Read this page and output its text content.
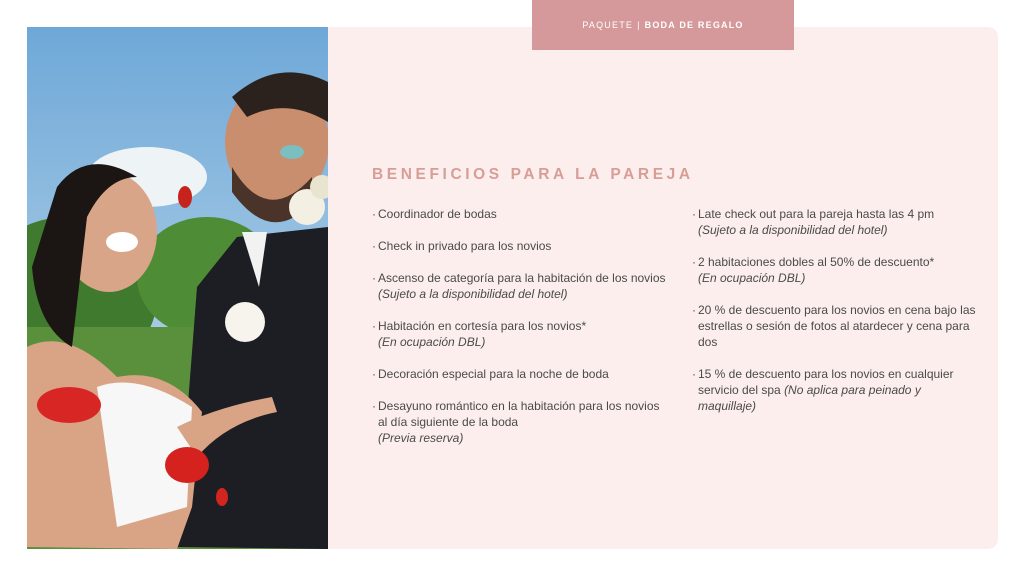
PAQUETE | BODA DE REGALO
BENEFICIOS PARA LA PAREJA
· Coordinador de bodas
· Check in privado para los novios
· Ascenso de categoría para la habitación de los novios (Sujeto a la disponibilidad del hotel)
· Habitación en cortesía para los novios*
(En ocupación DBL)
· Decoración especial para la noche de boda
· Desayuno romántico en la habitación para los novios al día siguiente de la boda
(Previa reserva)
· Late check out para la pareja hasta las 4 pm
(Sujeto a la disponibilidad del hotel)
· 2 habitaciones dobles al 50% de descuento*
(En ocupación DBL)
· 20 % de descuento para los novios en cena bajo las estrellas o sesión de fotos al atardecer y cena para dos
· 15 % de descuento para los novios en cualquier servicio del spa (No aplica para peinado y maquillaje)
